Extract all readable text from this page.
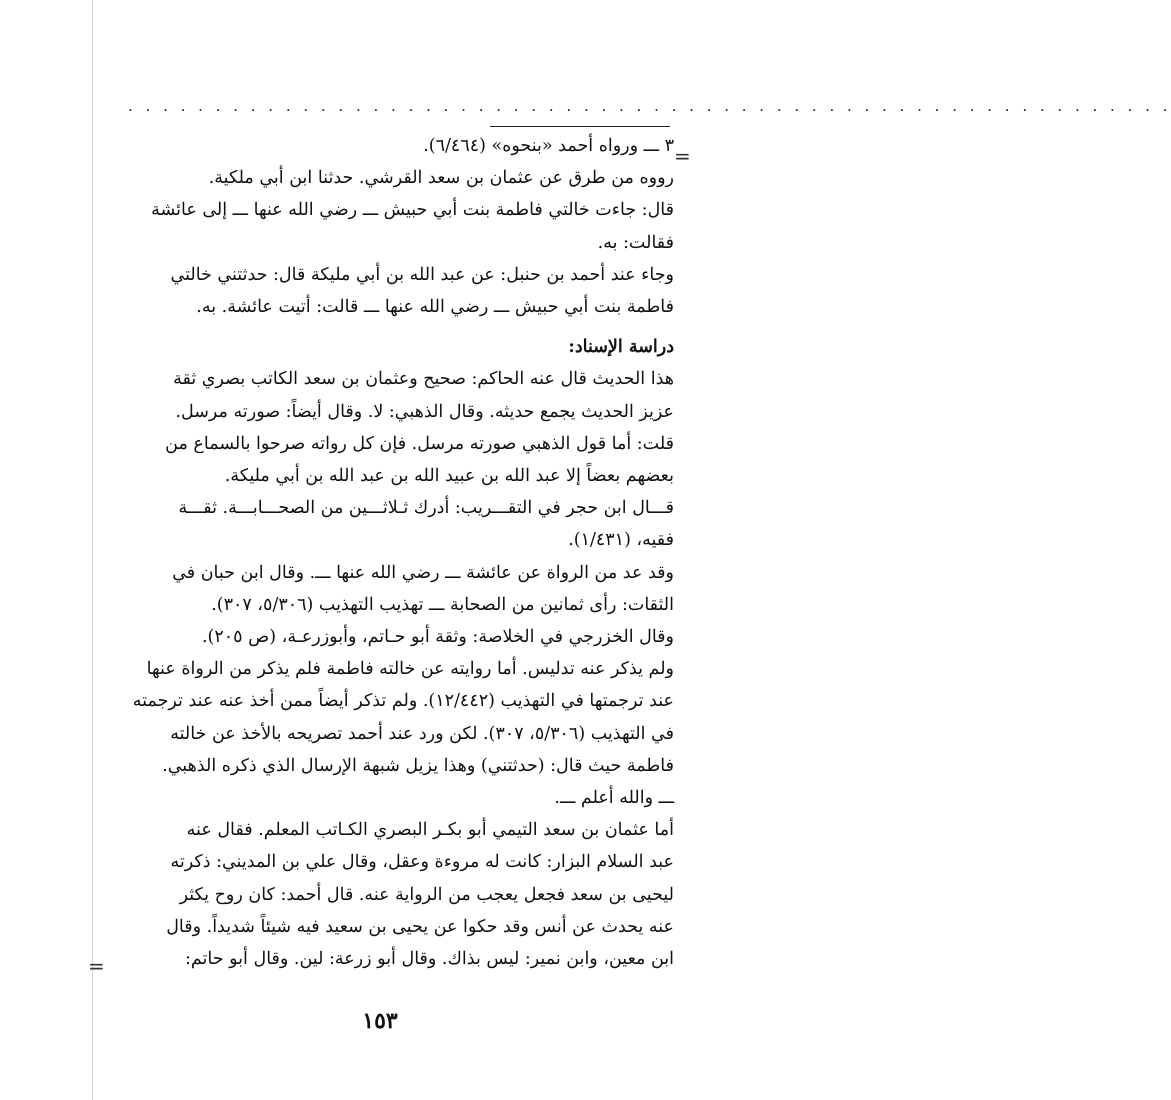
. . . . . . . . . . . . . . . . . . . . . . . . . . . . . . . . . . . . . . . . . . . . . . . . . . . . . . . . . . . .
=
=

٣ ـــ ورواه أحمد «بنحوه» (٦/٤٦٤).

رووه من طرق عن عثمان بن سعد القرشي. حدثنا ابن أبي ملكية.

قال: جاءت خالتي فاطمة بنت أبي حبيش ـــ رضي الله عنها ـــ إلى عائشة

فقالت: به.

وجاء عند أحمد بن حنبل: عن عبد الله بن أبي مليكة قال: حدثتني خالتي

فاطمة بنت أبي حبيش ـــ رضي الله عنها ـــ قالت: أتيت عائشة. به.

دراسة الإسناد:

هذا الحديث قال عنه الحاكم: صحيح وعثمان بن سعد الكاتب بصري ثقة

عزيز الحديث يجمع حديثه. وقال الذهبي: لا. وقال أيضاً: صورته مرسل.

قلت: أما قول الذهبي صورته مرسل. فإن كل رواته صرحوا بالسماع من

بعضهم بعضاً إلا عبد الله بن عبيد الله بن عبد الله بن أبي مليكة.

قـــال ابن حجر في التقـــريب: أدرك ثـلاثـــين من الصحـــابـــة. ثقـــة

فقيه، (١/٤٣١).

وقد عد من الرواة عن عائشة ـــ رضي الله عنها ـــ. وقال ابن حبان في

الثقات: رأى ثمانين من الصحابة ـــ تهذيب التهذيب (٥/٣٠٦، ٣٠٧).

وقال الخزرجي في الخلاصة: وثقة أبو حـاتم، وأبوزرعـة، (ص ٢٠٥).

ولم يذكر عنه تدليس. أما روايته عن خالته فاطمة فلم يذكر من الرواة عنها

عند ترجمتها في التهذيب (١٢/٤٤٢). ولم تذكر أيضاً ممن أخذ عنه عند ترجمته

في التهذيب (٥/٣٠٦، ٣٠٧). لكن ورد عند أحمد تصريحه بالأخذ عن خالته

فاطمة حيث قال: (حدثتني) وهذا يزيل شبهة الإرسال الذي ذكره الذهبي.

ـــ والله أعلم ـــ.

أما عثمان بن سعد التيمي أبو بكـر البصري الكـاتب المعلم. فقال عنه

عبد السلام البزار: كانت له مروءة وعقل، وقال علي بن المديني: ذكرته

ليحيى بن سعد فجعل يعجب من الرواية عنه. قال أحمد: كان روح يكثر

عنه يحدث عن أنس وقد حكوا عن يحيى بن سعيد فيه شيئاً شديداً. وقال

ابن معين، وابن نمير: ليس بذاك. وقال أبو زرعة: لين. وقال أبو حاتم:

١٥٣
